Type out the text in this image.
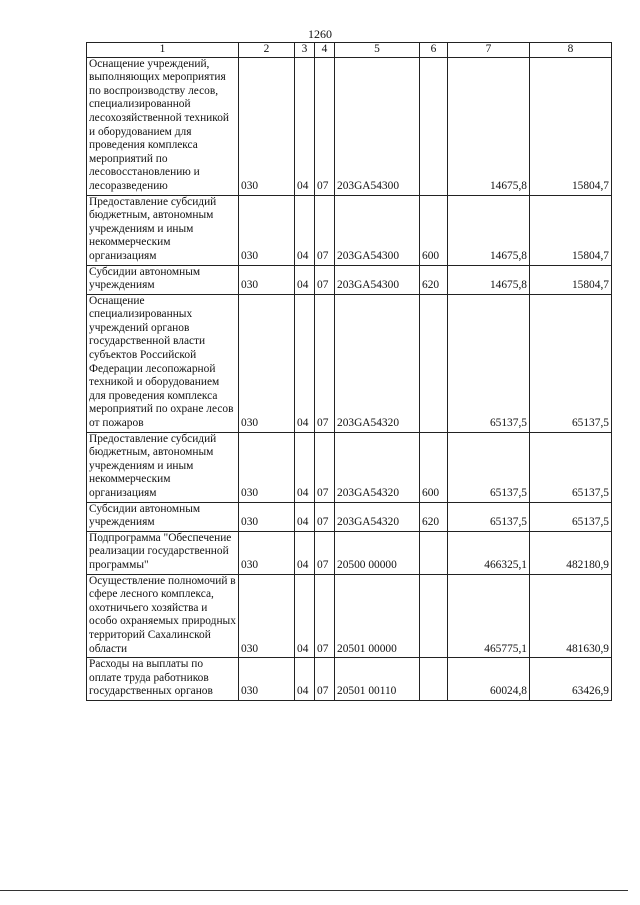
1260
1	2	3	4	5	6	7	8
Оснащение учреждений, выполняющих мероприятия по воспроизводству лесов, специализированной лесохозяйственной техникой и оборудованием для проведения комплекса мероприятий по лесовосстановлению и лесоразведению	030	04	07	203GA54300		14675,8	15804,7
Предоставление субсидий бюджетным, автономным учреждениям и иным некоммерческим организациям	030	04	07	203GA54300	600	14675,8	15804,7
Субсидии автономным учреждениям	030	04	07	203GA54300	620	14675,8	15804,7
Оснащение специализированных учреждений органов государственной власти субъектов Российской Федерации лесопожарной техникой и оборудованием для проведения комплекса мероприятий по охране лесов от пожаров	030	04	07	203GA54320		65137,5	65137,5
Предоставление субсидий бюджетным, автономным учреждениям и иным некоммерческим организациям	030	04	07	203GA54320	600	65137,5	65137,5
Субсидии автономным учреждениям	030	04	07	203GA54320	620	65137,5	65137,5
Подпрограмма "Обеспечение реализации государственной программы"	030	04	07	20500 00000		466325,1	482180,9
Осуществление полномочий в сфере лесного комплекса, охотничьего хозяйства и особо охраняемых природных территорий Сахалинской области	030	04	07	20501 00000		465775,1	481630,9
Расходы на выплаты по оплате труда работников государственных органов	030	04	07	20501 00110		60024,8	63426,9
